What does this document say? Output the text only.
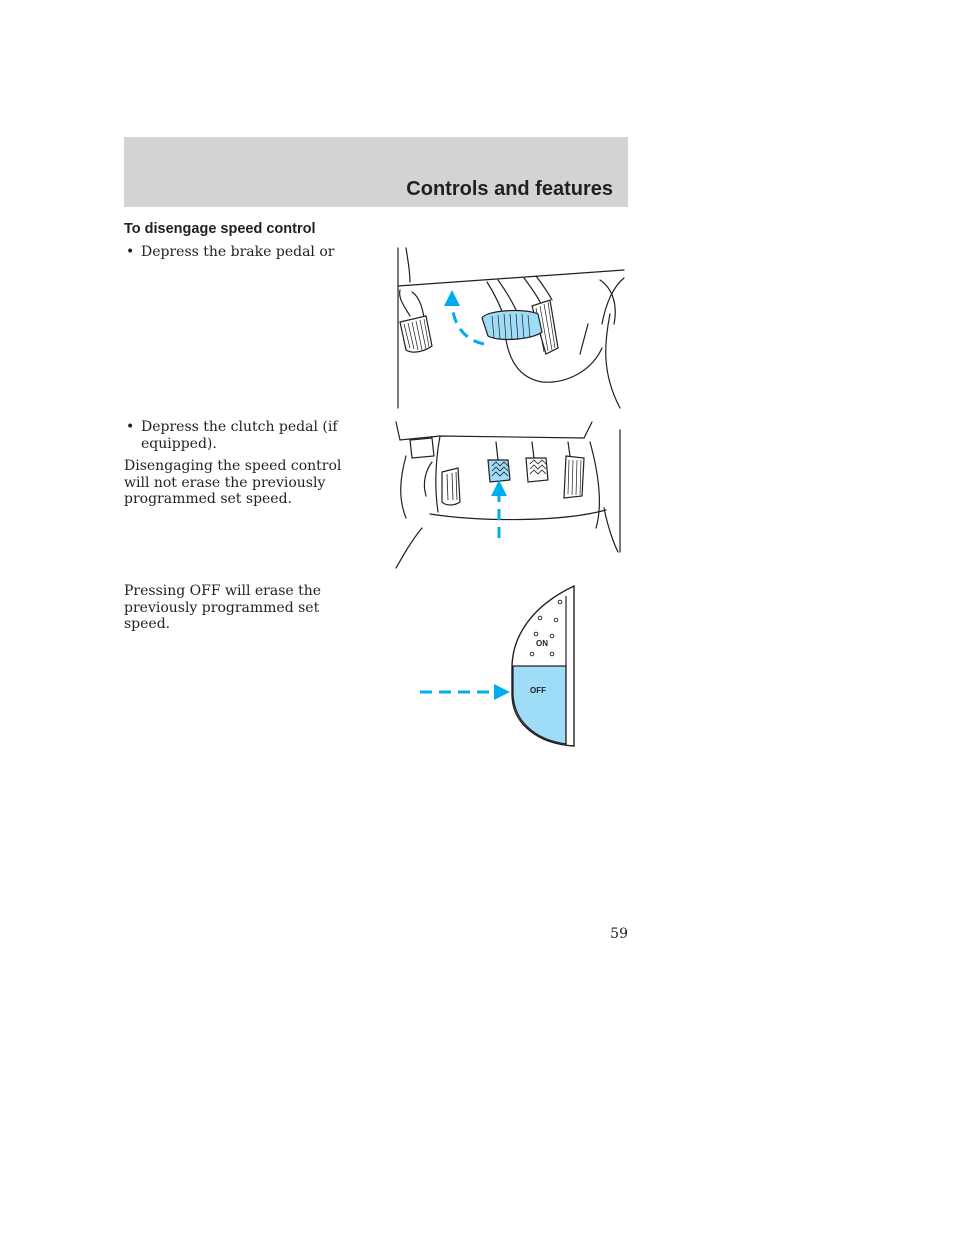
Controls and features
To disengage speed control
• Depress the brake pedal or
• Depress the clutch pedal (if equipped).
Disengaging the speed control will not erase the previously programmed set speed.
Pressing OFF will erase the previously programmed set speed.
ON
OFF
59
